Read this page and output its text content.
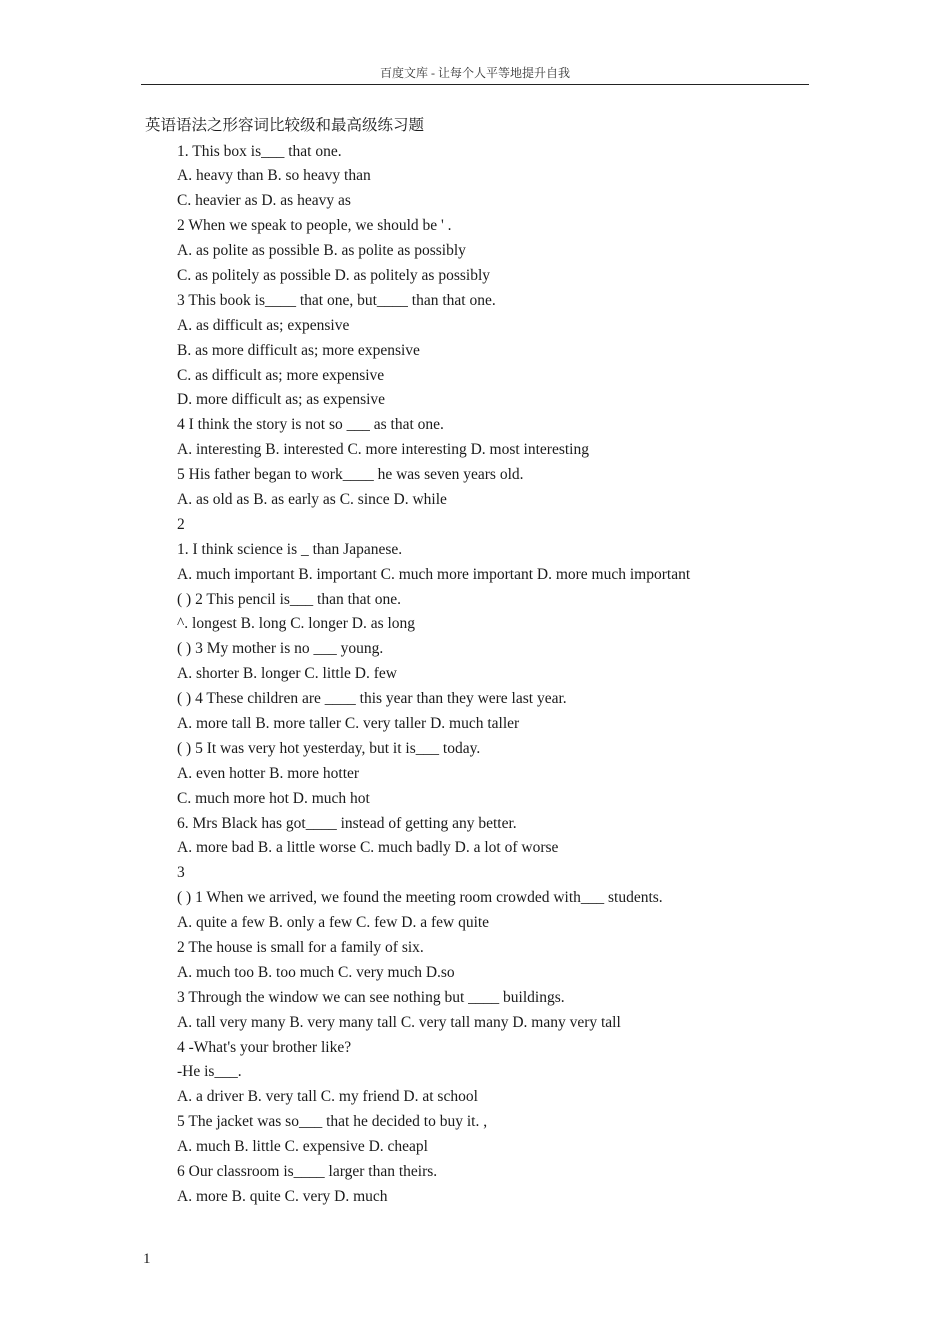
百度文库 - 让每个人平等地提升自我
英语语法之形容词比较级和最高级练习题
1. This box is___ that one.
A. heavy than B. so heavy than
C. heavier as D. as heavy as
2 When we speak to people, we should be ' .
A. as polite as possible B. as polite as possibly
C. as politely as possible D. as politely as possibly
3 This book is____ that one, but____ than that one.
A. as difficult as; expensive
B. as more difficult as; more expensive
C. as difficult as; more expensive
D. more difficult as; as expensive
4 I think the story is not so ___ as that one.
A. interesting B. interested C. more interesting D. most interesting
5 His father began to work____ he was seven years old.
A. as old as B. as early as C. since D. while
2
1. I think science is _ than Japanese.
A. much important B. important C. much more important D. more much important
( ) 2 This pencil is___ than that one.
^. longest B. long C. longer D. as long
( ) 3 My mother is no ___ young.
A. shorter B. longer C. little D. few
( ) 4 These children are ____ this year than they were last year.
A. more tall B. more taller C. very taller D. much taller
( ) 5 It was very hot yesterday, but it is___ today.
A. even hotter B. more hotter
C. much more hot D. much hot
6. Mrs Black has got____ instead of getting any better.
A. more bad B. a little worse C. much badly D. a lot of worse
3
( ) 1 When we arrived, we found the meeting room crowded with___ students.
A. quite a few B. only a few C. few D. a few quite
2 The house is small for a family of six.
A. much too B. too much C. very much D.so
3 Through the window we can see nothing but ____ buildings.
A. tall very many B. very many tall C. very tall many D. many very tall
4 -What's your brother like?
-He is___.
A. a driver B. very tall C. my friend D. at school
5 The jacket was so___ that he decided to buy it. ,
A. much B. little C. expensive D. cheapl
6 Our classroom is____ larger than theirs.
A. more B. quite C. very D. much
1
